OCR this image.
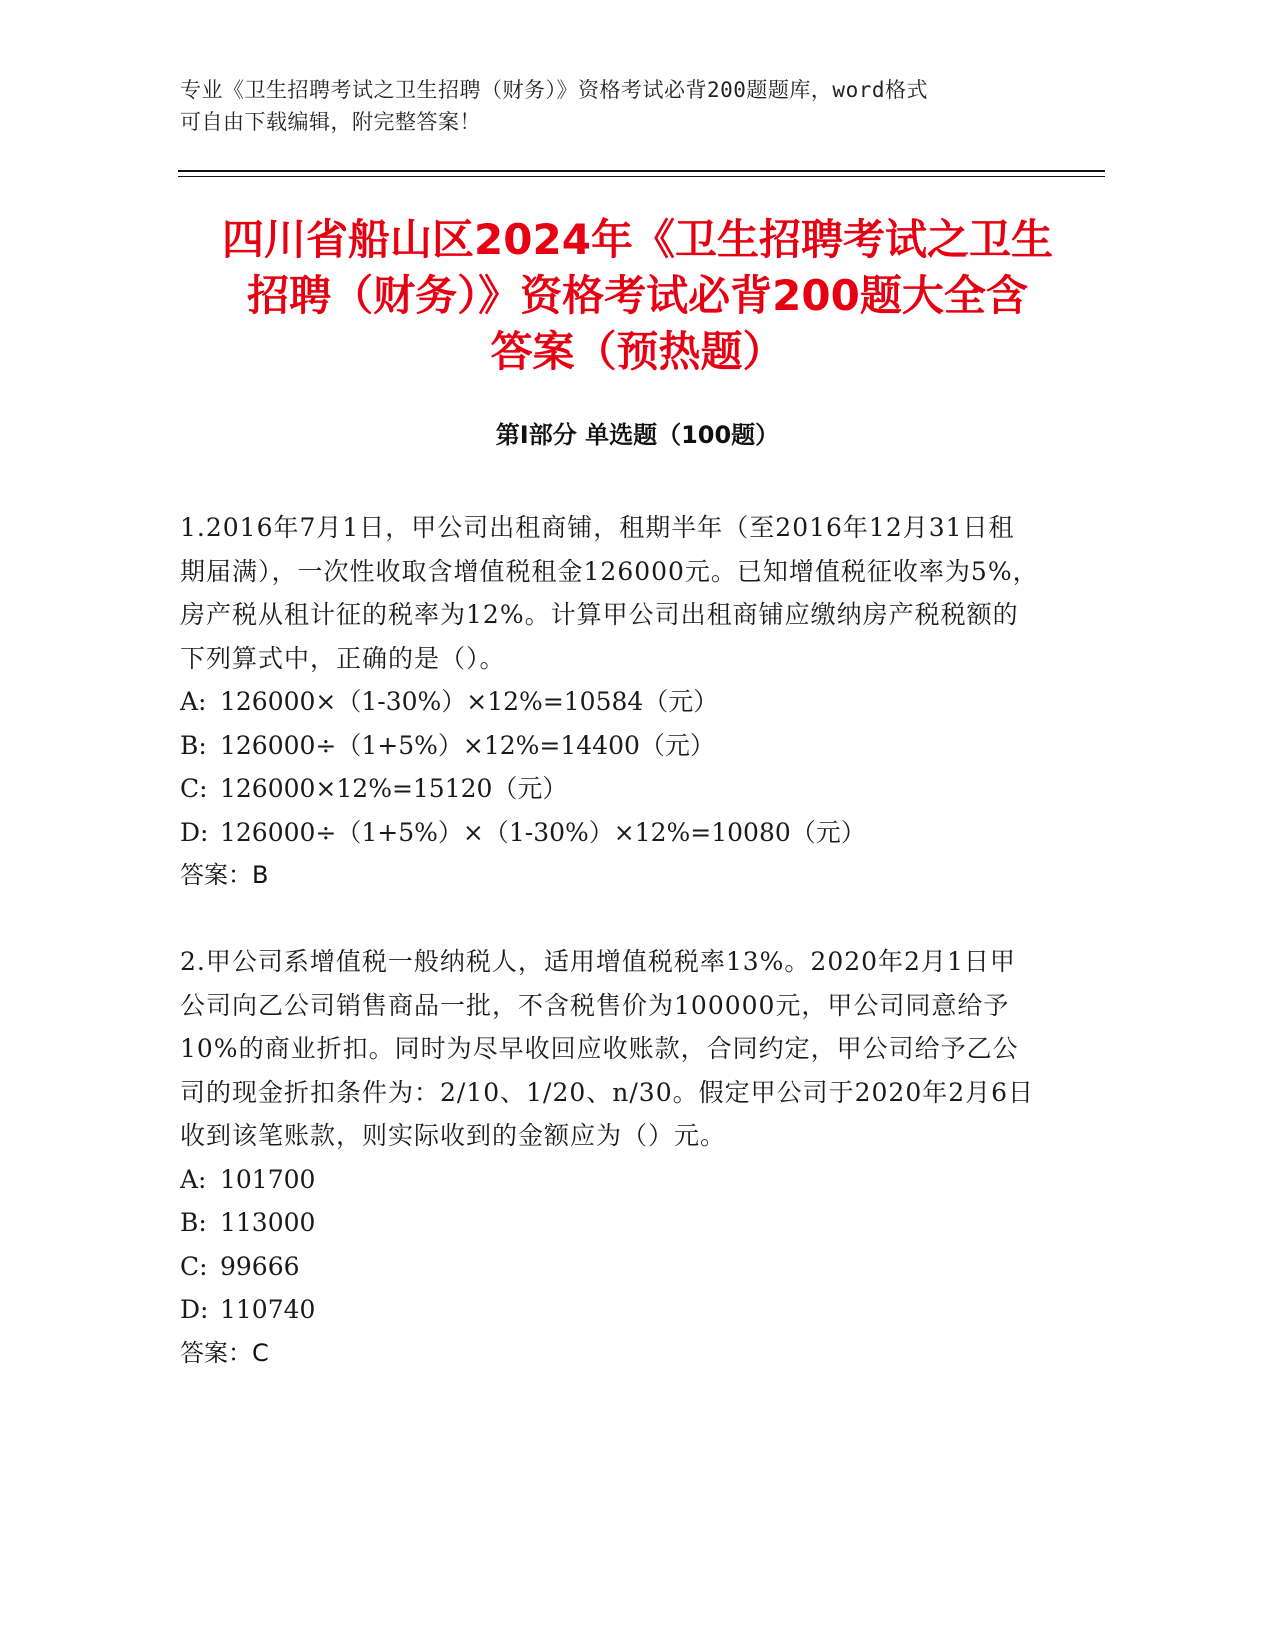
专业《卫生招聘考试之卫生招聘（财务）》资格考试必背200题题库，word格式
可自由下载编辑，附完整答案！
四川省船山区2024年《卫生招聘考试之卫生
招聘（财务）》资格考试必背200题大全含
答案（预热题）
第Ⅰ部分 单选题（100题）

1.2016年7月1日，甲公司出租商铺，租期半年（至2016年12月31日租期届满），一次性收取含增值税租金126000元。已知增值税征收率为5%，房产税从租计征的税率为12%。计算甲公司出租商铺应缴纳房产税税额的下列算式中，正确的是（）。

A: 126000×（1-30%）×12%=10584（元）

B: 126000÷（1+5%）×12%=14400（元）

C: 126000×12%=15120（元）

D: 126000÷（1+5%）×（1-30%）×12%=10080（元）

答案：B

2.甲公司系增值税一般纳税人，适用增值税税率13%。2020年2月1日甲公司向乙公司销售商品一批，不含税售价为100000元，甲公司同意给予10%的商业折扣。同时为尽早收回应收账款，合同约定，甲公司给予乙公司的现金折扣条件为：2/10、1/20、n/30。假定甲公司于2020年2月6日收到该笔账款，则实际收到的金额应为（）元。

A: 101700

B: 113000

C: 99666

D: 110740

答案：C
